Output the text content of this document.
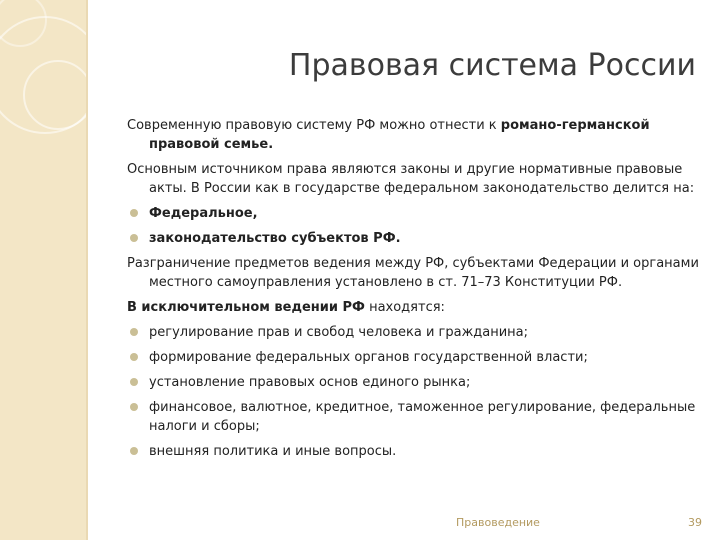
Правовая система России

Современную правовую систему РФ можно отнести к романо-германской правовой семье.

Основным источником права являются законы и другие нормативные правовые акты. В России как в государстве федеральном законодательство делится на:

Федеральное,
законодательство субъектов РФ.

Разграничение предметов ведения между РФ, субъектами Федерации и органами местного самоуправления установлено в ст. 71–73 Конституции РФ.

В исключительном ведении РФ находятся:

регулирование прав и свобод человека и гражданина;
формирование федеральных органов государственной власти;
установление правовых основ единого рынка;
финансовое, валютное, кредитное, таможенное регулирование, федеральные налоги и сборы;
внешняя политика и иные вопросы.
Правоведение	39
